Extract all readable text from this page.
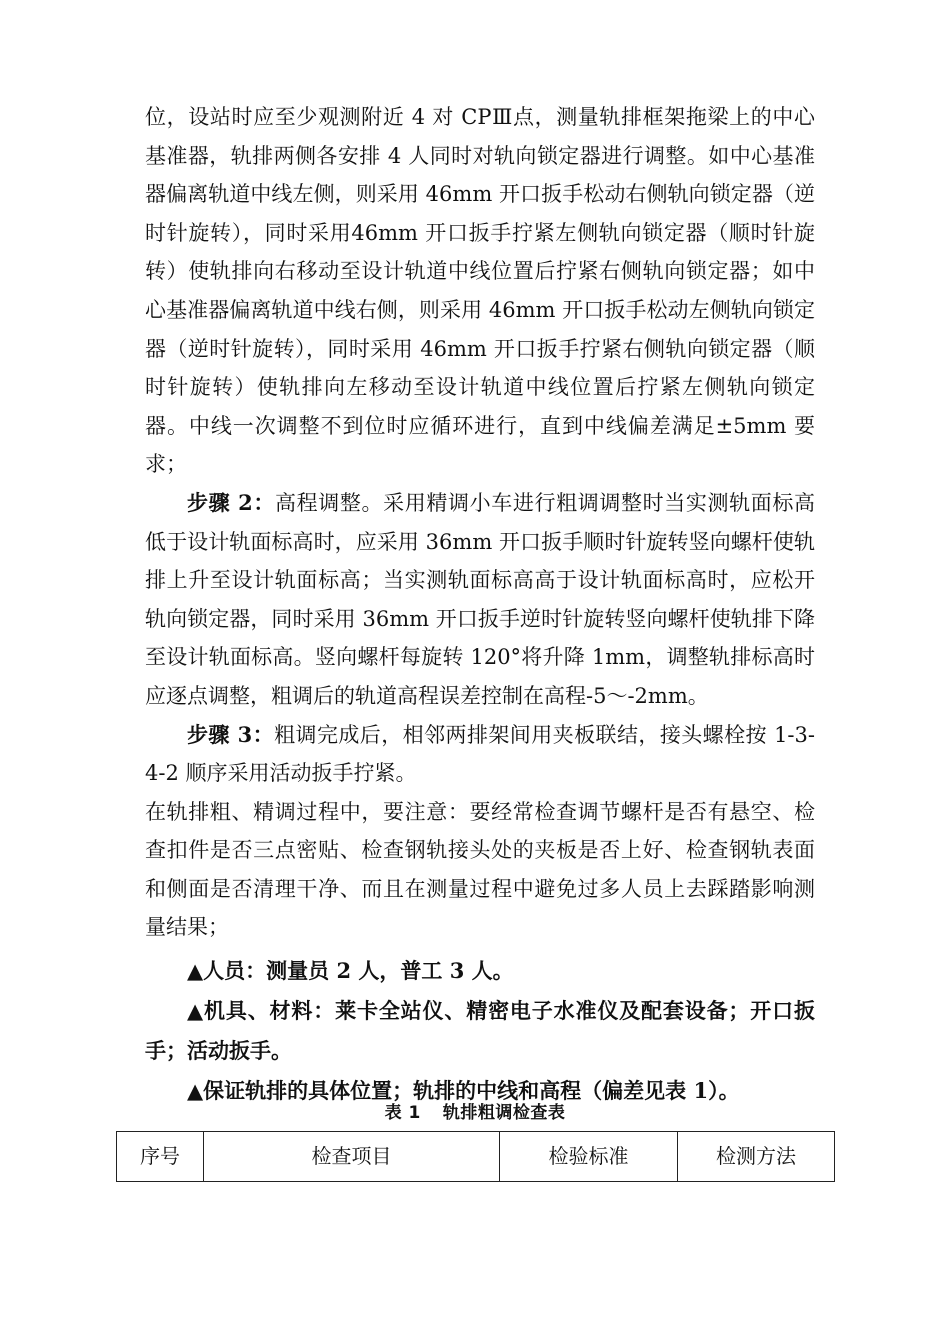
位，设站时应至少观测附近 4 对 CPⅢ点，测量轨排框架拖梁上的中心基准器，轨排两侧各安排 4 人同时对轨向锁定器进行调整。如中心基准器偏离轨道中线左侧，则采用 46mm 开口扳手松动右侧轨向锁定器（逆时针旋转），同时采用46mm 开口扳手拧紧左侧轨向锁定器（顺时针旋转）使轨排向右移动至设计轨道中线位置后拧紧右侧轨向锁定器；如中心基准器偏离轨道中线右侧，则采用 46mm 开口扳手松动左侧轨向锁定器（逆时针旋转），同时采用 46mm 开口扳手拧紧右侧轨向锁定器（顺时针旋转）使轨排向左移动至设计轨道中线位置后拧紧左侧轨向锁定器。中线一次调整不到位时应循环进行，直到中线偏差满足±5mm 要求；

步骤 2：高程调整。采用精调小车进行粗调调整时当实测轨面标高低于设计轨面标高时，应采用 36mm 开口扳手顺时针旋转竖向螺杆使轨排上升至设计轨面标高；当实测轨面标高高于设计轨面标高时，应松开轨向锁定器，同时采用 36mm 开口扳手逆时针旋转竖向螺杆使轨排下降至设计轨面标高。竖向螺杆每旋转 120°将升降 1mm，调整轨排标高时应逐点调整，粗调后的轨道高程误差控制在高程-5～-2mm。

步骤 3：粗调完成后，相邻两排架间用夹板联结，接头螺栓按 1-3-4-2 顺序采用活动扳手拧紧。

在轨排粗、精调过程中，要注意：要经常检查调节螺杆是否有悬空、检查扣件是否三点密贴、检查钢轨接头处的夹板是否上好、检查钢轨表面和侧面是否清理干净、而且在测量过程中避免过多人员上去踩踏影响测量结果；

▲人员：测量员 2 人，普工 3 人。

▲机具、材料：莱卡全站仪、精密电子水准仪及配套设备；开口扳手；活动扳手。

▲保证轨排的具体位置；轨排的中线和高程（偏差见表 1）。

表 1 轨排粗调检查表
序号	检查项目	检验标准	检测方法
